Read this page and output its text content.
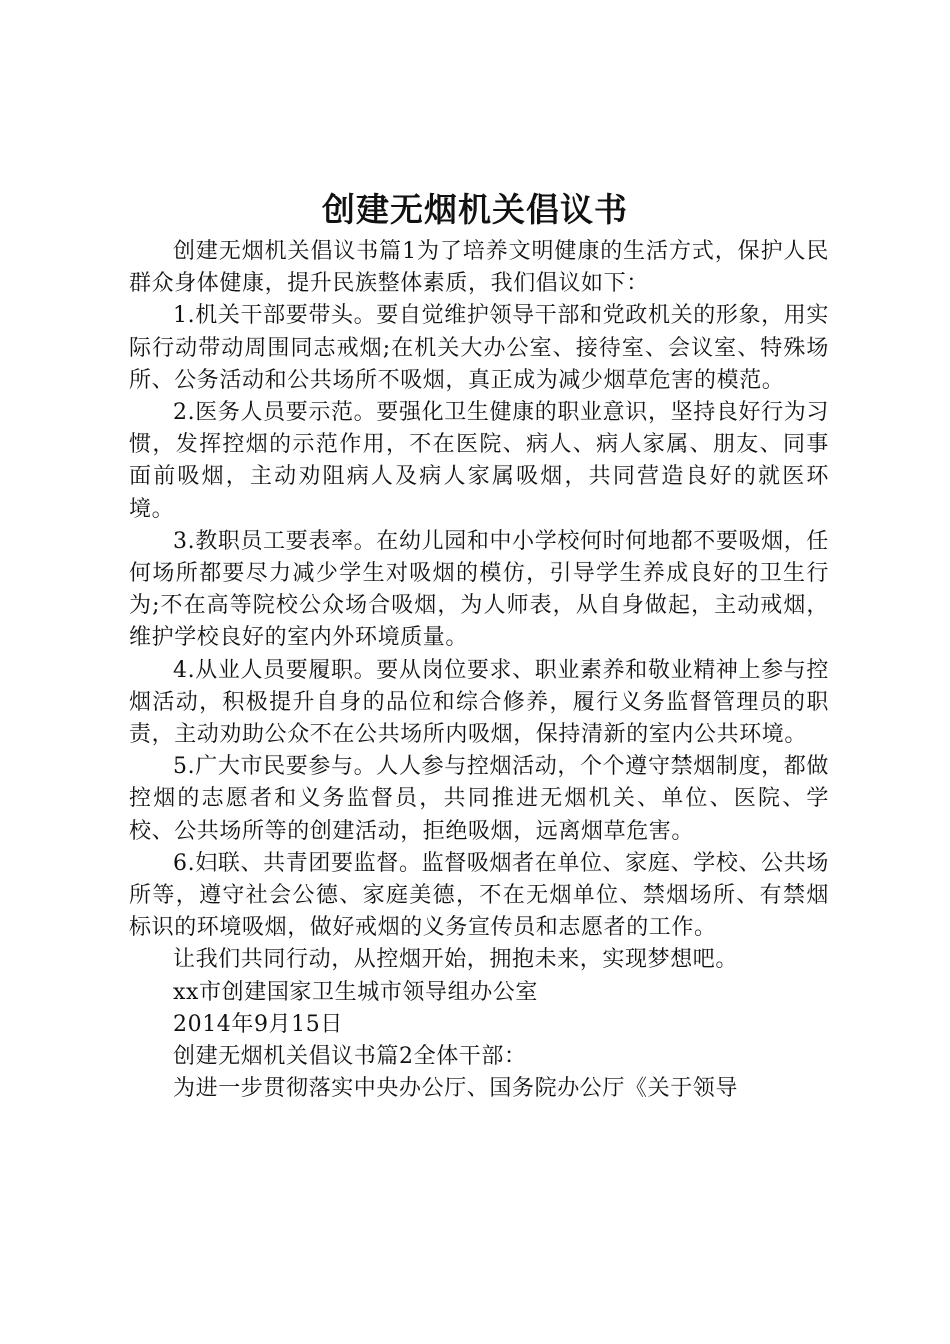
创建无烟机关倡议书

创建无烟机关倡议书篇1为了培养文明健康的生活方式，保护人民群众身体健康，提升民族整体素质，我们倡议如下：

1.机关干部要带头。要自觉维护领导干部和党政机关的形象，用实际行动带动周围同志戒烟;在机关大办公室、接待室、会议室、特殊场所、公务活动和公共场所不吸烟，真正成为减少烟草危害的模范。

2.医务人员要示范。要强化卫生健康的职业意识，坚持良好行为习惯，发挥控烟的示范作用，不在医院、病人、病人家属、朋友、同事面前吸烟，主动劝阻病人及病人家属吸烟，共同营造良好的就医环境。

3.教职员工要表率。在幼儿园和中小学校何时何地都不要吸烟，任何场所都要尽力减少学生对吸烟的模仿，引导学生养成良好的卫生行为;不在高等院校公众场合吸烟，为人师表，从自身做起，主动戒烟，维护学校良好的室内外环境质量。

4.从业人员要履职。要从岗位要求、职业素养和敬业精神上参与控烟活动，积极提升自身的品位和综合修养，履行义务监督管理员的职责，主动劝助公众不在公共场所内吸烟，保持清新的室内公共环境。

5.广大市民要参与。人人参与控烟活动，个个遵守禁烟制度，都做控烟的志愿者和义务监督员，共同推进无烟机关、单位、医院、学校、公共场所等的创建活动，拒绝吸烟，远离烟草危害。

6.妇联、共青团要监督。监督吸烟者在单位、家庭、学校、公共场所等，遵守社会公德、家庭美德，不在无烟单位、禁烟场所、有禁烟标识的环境吸烟，做好戒烟的义务宣传员和志愿者的工作。

让我们共同行动，从控烟开始，拥抱未来，实现梦想吧。

xx市创建国家卫生城市领导组办公室

2014年9月15日

创建无烟机关倡议书篇2全体干部：

为进一步贯彻落实中央办公厅、国务院办公厅《关于领导
